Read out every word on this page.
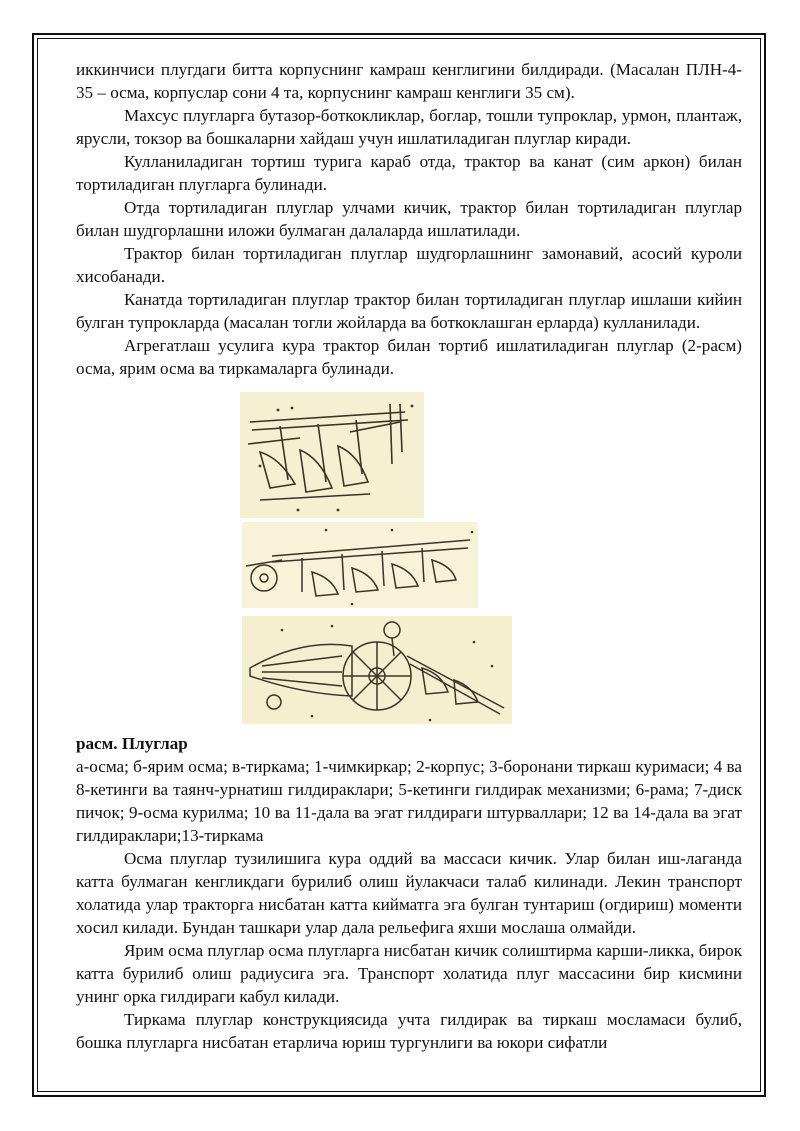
иккинчиси плугдаги битта корпуснинг камраш кенглигини билдиради. (Масалан ПЛН-4-35 – осма, корпуслар сони 4 та, корпуснинг камраш кенглиги 35 см).

Махсус плугларга бутазор-боткокликлар, боглар, тошли тупроклар, урмон, плантаж, ярусли, токзор ва бошкаларни хайдаш учун ишлатиладиган плуглар киради.

Кулланиладиган тортиш турига караб отда, трактор ва канат (сим аркон) билан тортиладиган плугларга булинади.

Отда тортиладиган плуглар улчами кичик, трактор билан тортиладиган плуглар билан шудгорлашни иложи булмаган далаларда ишлатилади.

Трактор билан тортиладиган плуглар шудгорлашнинг замонавий, асосий куроли хисобанади.

Канатда тортиладиган плуглар трактор билан тортиладиган плуглар ишлаши кийин булган тупрокларда (масалан тогли жойларда ва боткоклашган ерларда) кулланилади.

Агрегатлаш усулига кура трактор билан тортиб ишлатиладиган плуглар (2-расм) осма, ярим осма ва тиркамаларга булинади.

расм. Плуглар

а-осма; б-ярим осма; в-тиркама; 1-чимкиркар; 2-корпус; 3-боронани тиркаш куримаси; 4 ва 8-кетинги ва таянч-урнатиш гилдираклари; 5-кетинги гилдирак механизми; 6-рама; 7-диск пичок; 9-осма курилма; 10 ва 11-дала ва эгат гилдираги штурваллари; 12 ва 14-дала ва эгат гилдираклари;13-тиркама

Осма плуглар тузилишига кура оддий ва массаси кичик. Улар билан иш-лаганда катта булмаган кенгликдаги бурилиб олиш йулакчаси талаб килинади. Лекин транспорт холатида улар тракторга нисбатан катта кийматга эга булган тунтариш (огдириш) моменти хосил килади. Бундан ташкари улар дала рельефига яхши мослаша олмайди.

Ярим осма плуглар осма плугларга нисбатан кичик солиштирма карши-ликка, бирок катта бурилиб олиш радиусига эга. Транспорт холатида плуг массасини бир кисмини унинг орка гилдираги кабул килади.

Тиркама плуглар конструкциясида учта гилдирак ва тиркаш мосламаси булиб, бошка плугларга нисбатан етарлича юриш тургунлиги ва юкори сифатли
